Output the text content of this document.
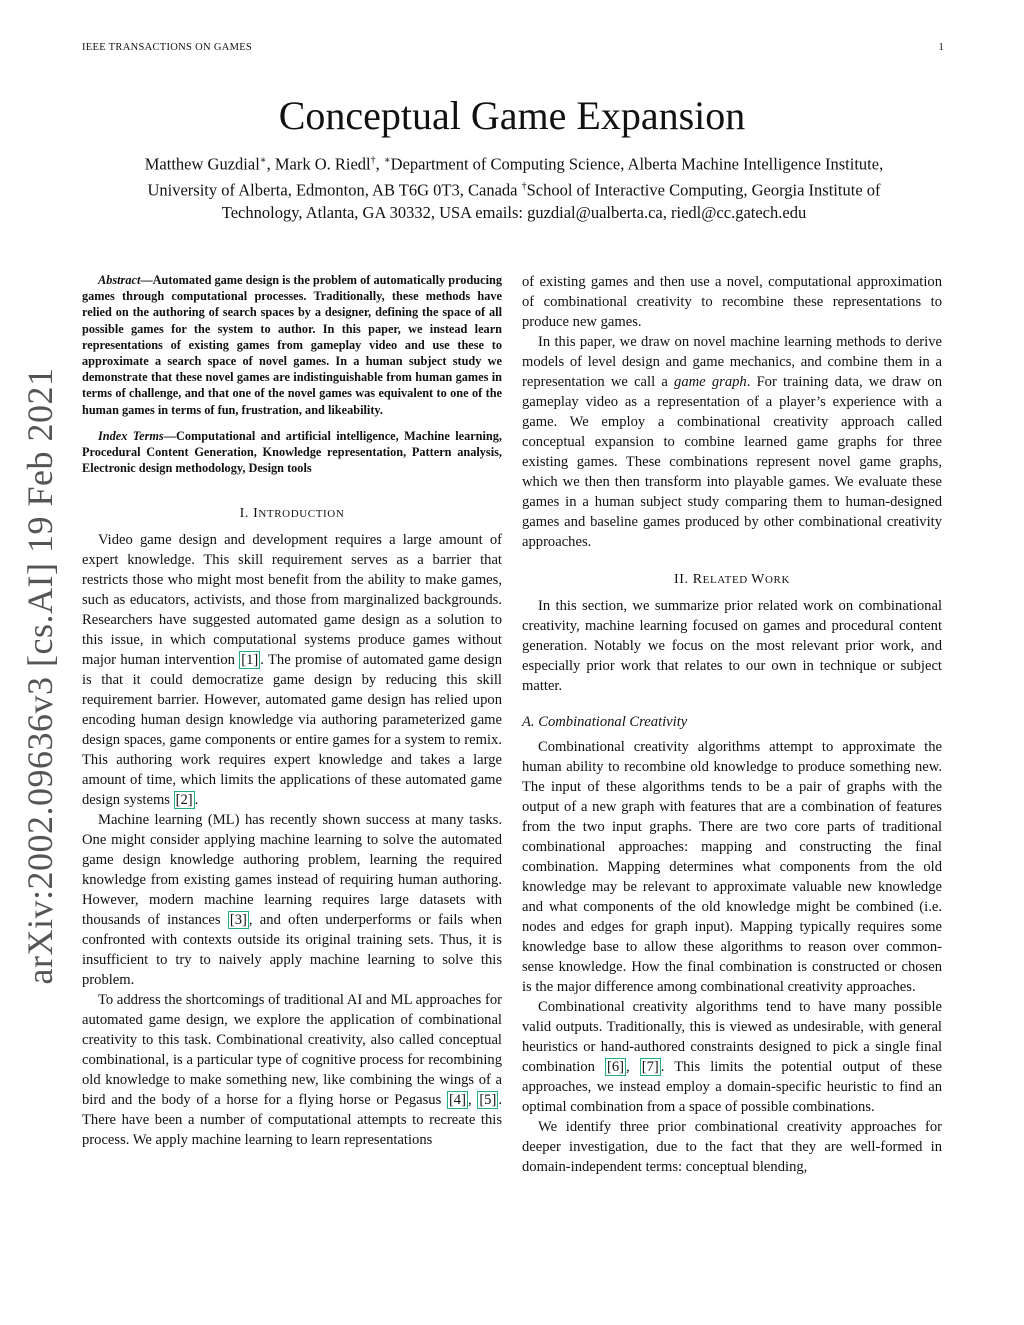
IEEE TRANSACTIONS ON GAMES	1
Conceptual Game Expansion
Matthew Guzdial∗, Mark O. Riedl†, ∗Department of Computing Science, Alberta Machine Intelligence Institute,
University of Alberta, Edmonton, AB T6G 0T3, Canada †School of Interactive Computing, Georgia Institute of
Technology, Atlanta, GA 30332, USA emails: guzdial@ualberta.ca, riedl@cc.gatech.edu
arXiv:2002.09636v3 [cs.AI] 19 Feb 2021

Abstract—Automated game design is the problem of automatically producing games through computational processes. Traditionally, these methods have relied on the authoring of search spaces by a designer, defining the space of all possible games for the system to author. In this paper, we instead learn representations of existing games from gameplay video and use these to approximate a search space of novel games. In a human subject study we demonstrate that these novel games are indistinguishable from human games in terms of challenge, and that one of the novel games was equivalent to one of the human games in terms of fun, frustration, and likeability.

Index Terms—Computational and artificial intelligence, Machine learning, Procedural Content Generation, Knowledge representation, Pattern analysis, Electronic design methodology, Design tools

I. INTRODUCTION

Video game design and development requires a large amount of expert knowledge. This skill requirement serves as a barrier that restricts those who might most benefit from the ability to make games, such as educators, activists, and those from marginalized backgrounds. Researchers have suggested automated game design as a solution to this issue, in which computational systems produce games without major human intervention [1] . The promise of automated game design is that it could democratize game design by reducing this skill requirement barrier. However, automated game design has relied upon encoding human design knowledge via authoring parameterized game design spaces, game components or entire games for a system to remix. This authoring work requires expert knowledge and takes a large amount of time, which limits the applications of these automated game design systems [2] .

Machine learning (ML) has recently shown success at many tasks. One might consider applying machine learning to solve the automated game design knowledge authoring problem, learning the required knowledge from existing games instead of requiring human authoring. However, modern machine learning requires large datasets with thousands of instances [3] , and often underperforms or fails when confronted with contexts outside its original training sets. Thus, it is insufficient to try to naively apply machine learning to solve this problem.

To address the shortcomings of traditional AI and ML approaches for automated game design, we explore the application of combinational creativity to this task. Combinational creativity, also called conceptual combinational, is a particular type of cognitive process for recombining old knowledge to make something new, like combining the wings of a bird and the body of a horse for a flying horse or Pegasus [4] , [5] . There have been a number of computational attempts to recreate this process. We apply machine learning to learn representations

of existing games and then use a novel, computational approximation of combinational creativity to recombine these representations to produce new games.

In this paper, we draw on novel machine learning methods to derive models of level design and game mechanics, and combine them in a representation we call a game graph. For training data, we draw on gameplay video as a representation of a player’s experience with a game. We employ a combinational creativity approach called conceptual expansion to combine learned game graphs for three existing games. These combinations represent novel game graphs, which we then then transform into playable games. We evaluate these games in a human subject study comparing them to human-designed games and baseline games produced by other combinational creativity approaches.

II. RELATED WORK

In this section, we summarize prior related work on combinational creativity, machine learning focused on games and procedural content generation. Notably we focus on the most relevant prior work, and especially prior work that relates to our own in technique or subject matter.

A. Combinational Creativity

Combinational creativity algorithms attempt to approximate the human ability to recombine old knowledge to produce something new. The input of these algorithms tends to be a pair of graphs with the output of a new graph with features that are a combination of features from the two input graphs. There are two core parts of traditional combinational approaches: mapping and constructing the final combination. Mapping determines what components from the old knowledge may be relevant to approximate valuable new knowledge and what components of the old knowledge might be combined (i.e. nodes and edges for graph input). Mapping typically requires some knowledge base to allow these algorithms to reason over common-sense knowledge. How the final combination is constructed or chosen is the major difference among combinational creativity approaches.

Combinational creativity algorithms tend to have many possible valid outputs. Traditionally, this is viewed as undesirable, with general heuristics or hand-authored constraints designed to pick a single final combination [6] , [7] . This limits the potential output of these approaches, we instead employ a domain-specific heuristic to find an optimal combination from a space of possible combinations.

We identify three prior combinational creativity approaches for deeper investigation, due to the fact that they are well-formed in domain-independent terms: conceptual blending,
